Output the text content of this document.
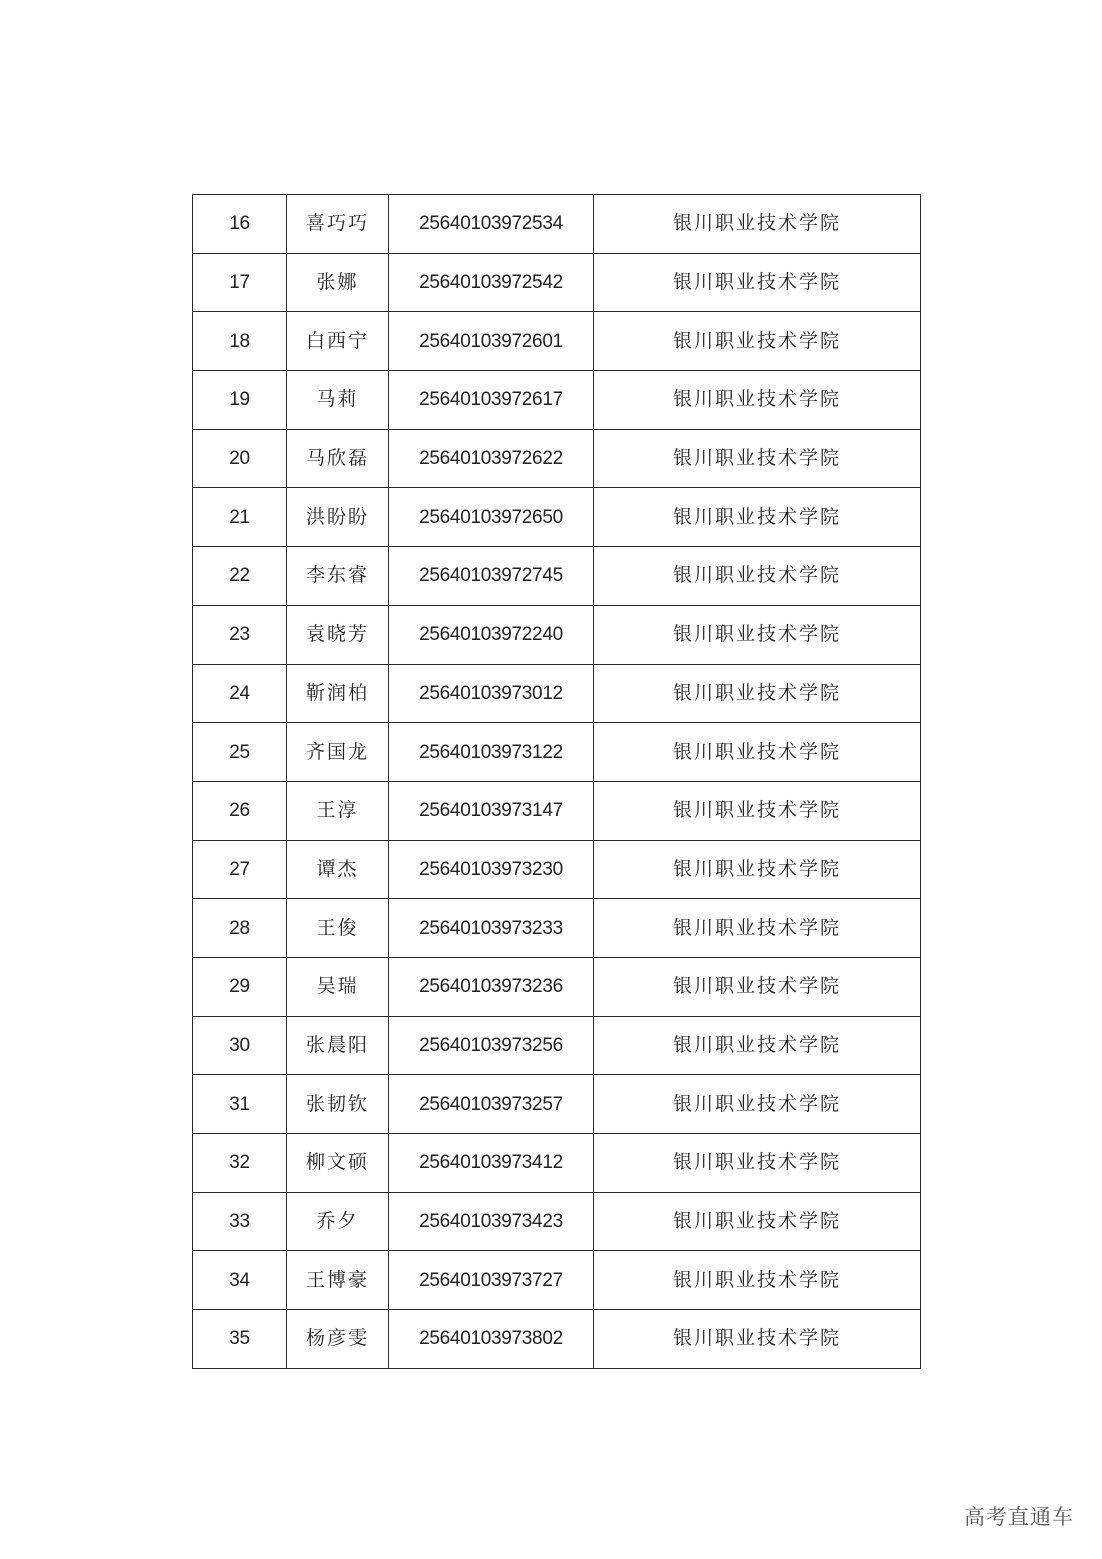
16	喜巧巧	25640103972534	银川职业技术学院
17	张娜	25640103972542	银川职业技术学院
18	白西宁	25640103972601	银川职业技术学院
19	马莉	25640103972617	银川职业技术学院
20	马欣磊	25640103972622	银川职业技术学院
21	洪盼盼	25640103972650	银川职业技术学院
22	李东睿	25640103972745	银川职业技术学院
23	袁晓芳	25640103972240	银川职业技术学院
24	靳润柏	25640103973012	银川职业技术学院
25	齐国龙	25640103973122	银川职业技术学院
26	王淳	25640103973147	银川职业技术学院
27	谭杰	25640103973230	银川职业技术学院
28	王俊	25640103973233	银川职业技术学院
29	吴瑞	25640103973236	银川职业技术学院
30	张晨阳	25640103973256	银川职业技术学院
31	张韧钦	25640103973257	银川职业技术学院
32	柳文硕	25640103973412	银川职业技术学院
33	乔夕	25640103973423	银川职业技术学院
34	王博豪	25640103973727	银川职业技术学院
35	杨彦雯	25640103973802	银川职业技术学院
高考直通车
